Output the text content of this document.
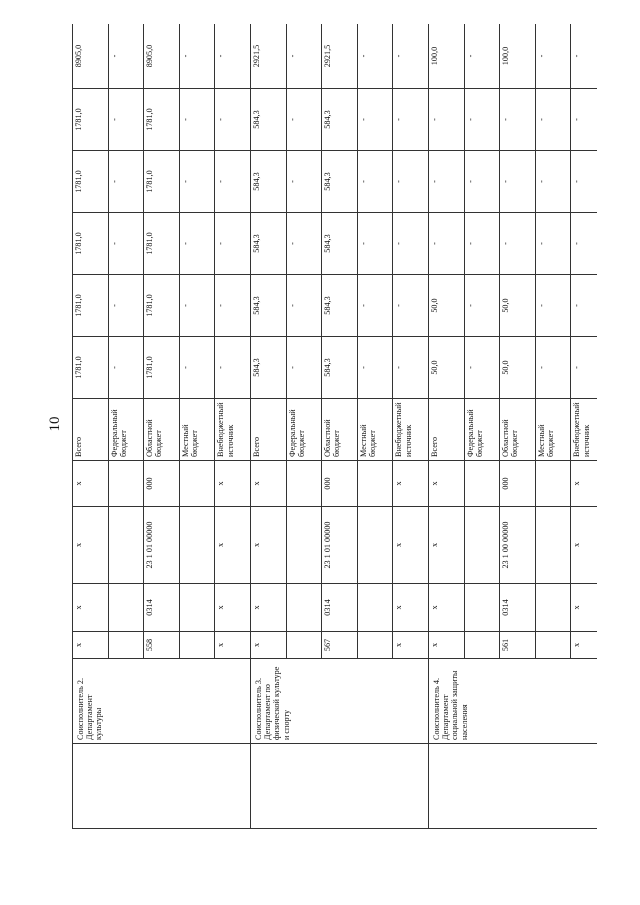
10
	Соисполнитель 2. Департамент культуры	x	x	x	x	Всего	1781,0	1781,0	1781,0	1781,0	1781,0	8905,0
						Федеральный бюджет	-	-	-	-	-	-
		558	0314	23 1 01 00000	000	Областной бюджет	1781,0	1781,0	1781,0	1781,0	1781,0	8905,0
						Местный бюджет	-	-	-	-	-	-
		x	x	x	x	Внебюджетный источник	-	-	-	-	-	-
	Соисполнитель 3. Департамент по физической культуре и спорту	x	x	x	x	Всего	584,3	584,3	584,3	584,3	584,3	2921,5
						Федеральный бюджет	-	-	-	-	-	-
		567	0314	23 1 01 00000	000	Областной бюджет	584,3	584,3	584,3	584,3	584,3	2921,5
						Местный бюджет	-	-	-	-	-	-
		x	x	x	x	Внебюджетный источник	-	-	-	-	-	-
	Соисполнитель 4. Департамент социальной защиты населения	x	x	x	x	Всего	50,0	50,0	-	-	-	100,0
						Федеральный бюджет	-	-	-	-	-	-
		561	0314	23 1 00 00000	000	Областной бюджет	50,0	50,0	-	-	-	100,0
						Местный бюджет	-	-	-	-	-	-
		x	x	x	x	Внебюджетный источник	-	-	-	-	-	-
